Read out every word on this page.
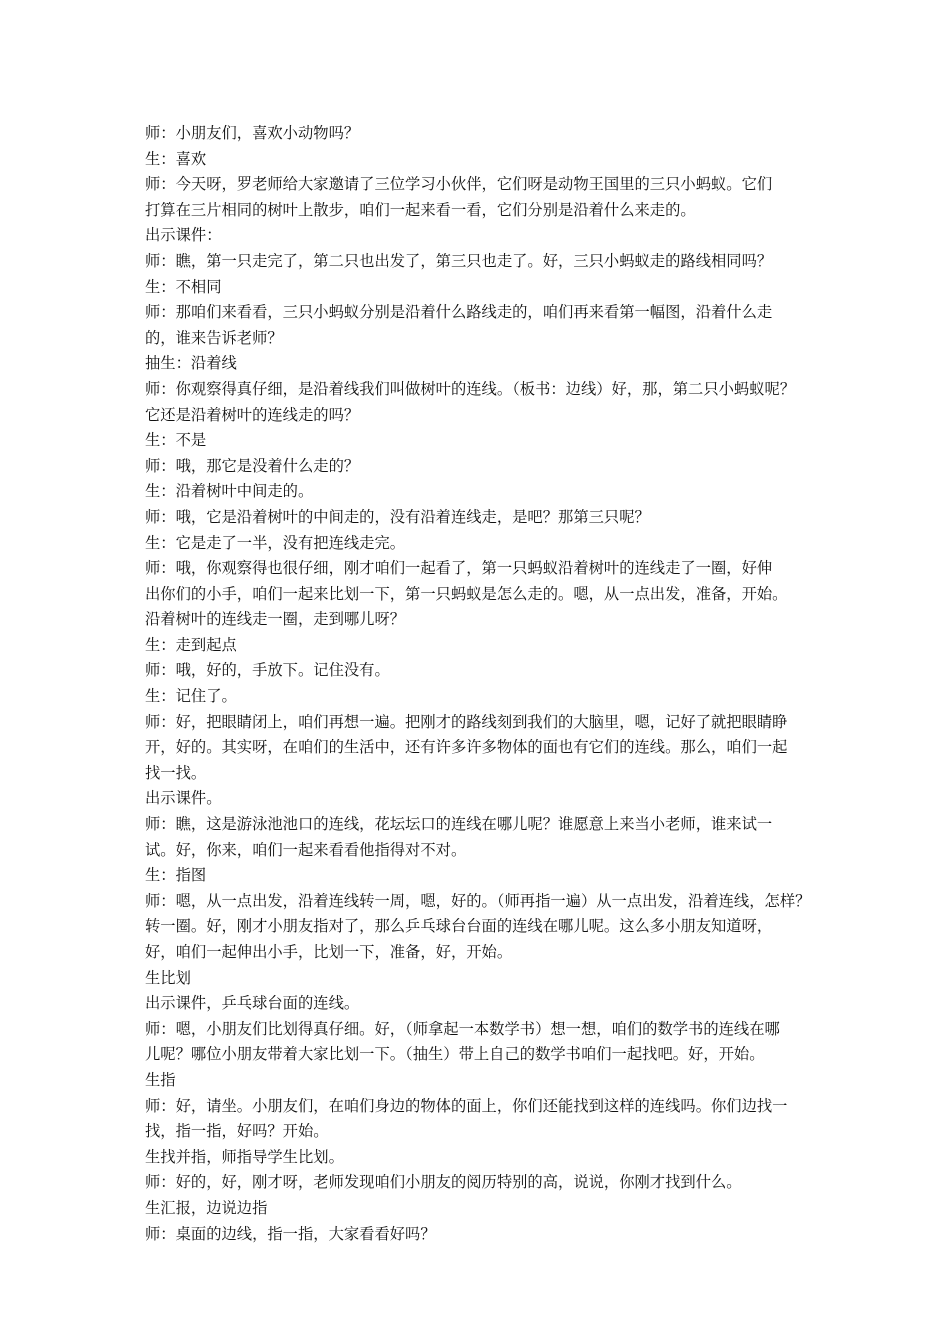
师：小朋友们，喜欢小动物吗？
生：喜欢
师：今天呀，罗老师给大家邀请了三位学习小伙伴，它们呀是动物王国里的三只小蚂蚁。它们
打算在三片相同的树叶上散步，咱们一起来看一看，它们分别是沿着什么来走的。
出示课件：
师：瞧，第一只走完了，第二只也出发了，第三只也走了。好，三只小蚂蚁走的路线相同吗？
生：不相同
师：那咱们来看看，三只小蚂蚁分别是沿着什么路线走的，咱们再来看第一幅图，沿着什么走
的，谁来告诉老师？
抽生：沿着线
师：你观察得真仔细，是沿着线我们叫做树叶的连线。（板书：边线）好，那，第二只小蚂蚁呢？
它还是沿着树叶的连线走的吗？
生：不是
师：哦，那它是没着什么走的？
生：沿着树叶中间走的。
师：哦，它是沿着树叶的中间走的，没有沿着连线走，是吧？那第三只呢？
生：它是走了一半，没有把连线走完。
师：哦，你观察得也很仔细，刚才咱们一起看了，第一只蚂蚁沿着树叶的连线走了一圈，好伸
出你们的小手，咱们一起来比划一下，第一只蚂蚁是怎么走的。嗯，从一点出发，准备，开始。
沿着树叶的连线走一圈，走到哪儿呀？
生：走到起点
师：哦，好的，手放下。记住没有。
生：记住了。
师：好，把眼睛闭上，咱们再想一遍。把刚才的路线刻到我们的大脑里，嗯，记好了就把眼睛睁
开，好的。其实呀，在咱们的生活中，还有许多许多物体的面也有它们的连线。那么，咱们一起
找一找。
出示课件。
师：瞧，这是游泳池池口的连线，花坛坛口的连线在哪儿呢？谁愿意上来当小老师，谁来试一
试。好，你来，咱们一起来看看他指得对不对。
生：指图
师：嗯，从一点出发，沿着连线转一周，嗯，好的。（师再指一遍）从一点出发，沿着连线，怎样？
转一圈。好，刚才小朋友指对了，那么乒乓球台台面的连线在哪儿呢。这么多小朋友知道呀，
好，咱们一起伸出小手，比划一下，准备，好，开始。
生比划
出示课件，乒乓球台面的连线。
师：嗯，小朋友们比划得真仔细。好，（师拿起一本数学书）想一想，咱们的数学书的连线在哪
儿呢？哪位小朋友带着大家比划一下。（抽生）带上自己的数学书咱们一起找吧。好，开始。
生指
师：好，请坐。小朋友们，在咱们身边的物体的面上，你们还能找到这样的连线吗。你们边找一
找，指一指，好吗？开始。
生找并指，师指导学生比划。
师：好的，好，刚才呀，老师发现咱们小朋友的阅历特别的高，说说，你刚才找到什么。
生汇报，边说边指
师：桌面的边线，指一指，大家看看好吗？
